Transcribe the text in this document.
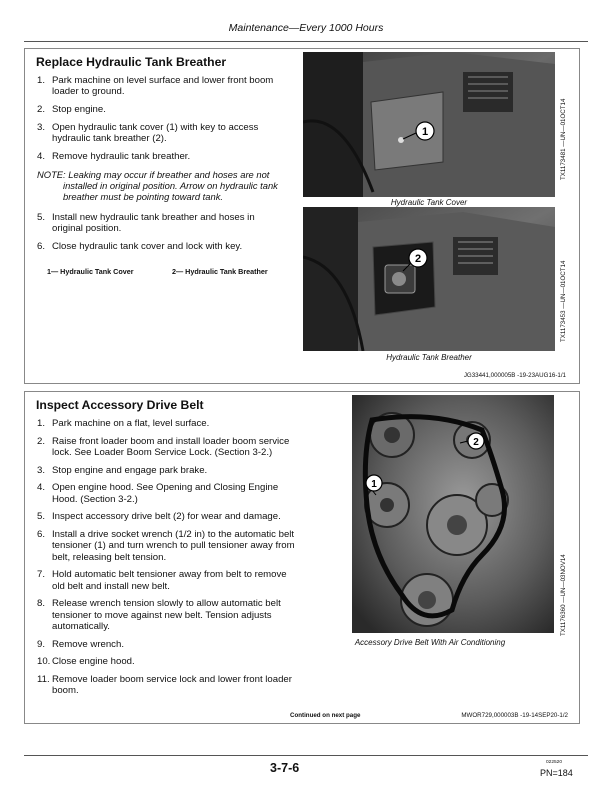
Maintenance—Every 1000 Hours
Replace Hydraulic Tank Breather
1. Park machine on level surface and lower front boom loader to ground.
2. Stop engine.
3. Open hydraulic tank cover (1) with key to access hydraulic tank breather (2).
4. Remove hydraulic tank breather.
NOTE: Leaking may occur if breather and hoses are not
installed in original position. Arrow on hydraulic tank breather must be pointing toward tank.
5. Install new hydraulic tank breather and hoses in original position.
6. Close hydraulic tank cover and lock with key.
1— Hydraulic Tank Cover	2— Hydraulic Tank Breather
1
Hydraulic Tank Cover
TX1173481 —UN—01OCT14
2
Hydraulic Tank Breather
TX1173453 —UN—01OCT14
JG33441,000005B -19-23AUG16-1/1
Inspect Accessory Drive Belt
1. Park machine on a flat, level surface.
2. Raise front loader boom and install loader boom service lock. See Loader Boom Service Lock. (Section 3-2.)
3. Stop engine and engage park brake.
4. Open engine hood. See Opening and Closing Engine Hood. (Section 3-2.)
5. Inspect accessory drive belt (2) for wear and damage.
6. Install a drive socket wrench (1/2 in) to the automatic belt tensioner (1) and turn wrench to pull tensioner away from belt, releasing belt tension.
7. Hold automatic belt tensioner away from belt to remove old belt and install new belt.
8. Release wrench tension slowly to allow automatic belt tensioner to move against new belt. Tension adjusts automatically.
9. Remove wrench.
10. Close engine hood.
11. Remove loader boom service lock and lower front loader boom.
1
2
Accessory Drive Belt With Air Conditioning
TX1176360 —UN—03NOV14
Continued on next page	MWOR729,000003B -19-14SEP20-1/2
3-7-6	022520
PN=184
